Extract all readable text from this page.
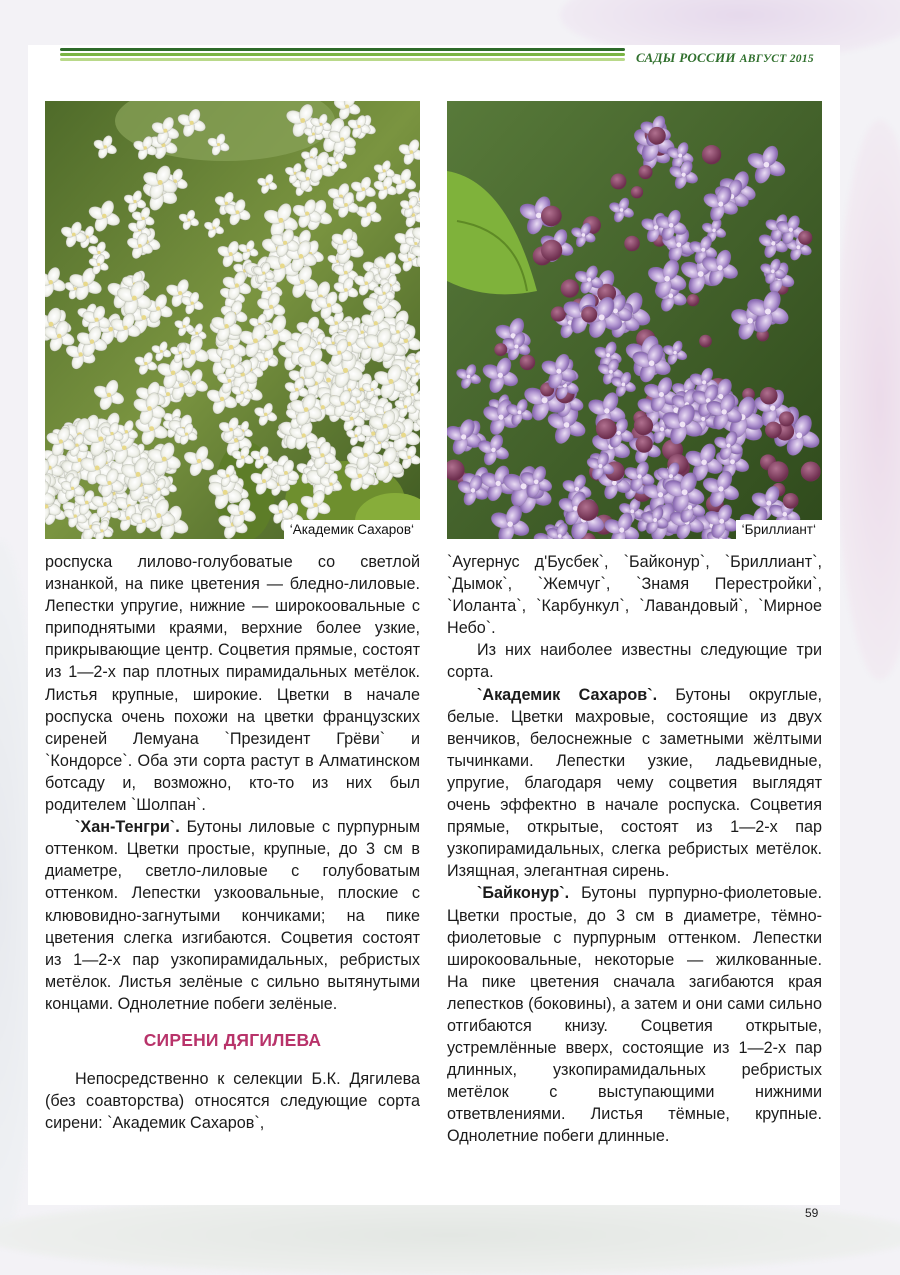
САДЫ РОССИИ АВГУСТ 2015
‘Академик Сахаров‘	‘Бриллиант‘

роспуска лилово-голубоватые со светлой изнанкой, на пике цветения — бледно-лиловые. Лепестки упругие, нижние — широкоовальные с приподнятыми краями, верхние более узкие, прикрывающие центр. Соцветия прямые, состоят из 1—2-х пар плотных пирамидальных метёлок. Листья крупные, широкие. Цветки в начале роспуска очень похожи на цветки французских сиреней Лемуана `Президент Грёви` и `Кондорсе`. Оба эти сорта растут в Алматинском ботсаду и, возможно, кто-то из них был родителем `Шолпан`.

`Хан-Тенгри`. Бутоны лиловые с пурпурным оттенком. Цветки простые, крупные, до 3 см в диаметре, светло-лиловые с голубоватым оттенком. Лепестки узкоовальные, плоские с клювовидно-загнутыми кончиками; на пике цветения слегка изгибаются. Соцветия состоят из 1—2-х пар узкопирамидальных, ребристых метёлок. Листья зелёные с сильно вытянутыми концами. Однолетние побеги зелёные.

СИРЕНИ ДЯГИЛЕВА

Непосредственно к селекции Б.К. Дягилева (без соавторства) относятся следующие сорта сирени: `Академик Сахаров`,

`Аугернус д'Бусбек`, `Байконур`, `Бриллиант`, `Дымок`, `Жемчуг`, `Знамя Перестройки`, `Иоланта`, `Карбункул`, `Лавандовый`, `Мирное Небо`.

Из них наиболее известны следующие три сорта.

`Академик Сахаров`. Бутоны округлые, белые. Цветки махровые, состоящие из двух венчиков, белоснежные с заметными жёлтыми тычинками. Лепестки узкие, ладьевидные, упругие, благодаря чему соцветия выглядят очень эффектно в начале роспуска. Соцветия прямые, открытые, состоят из 1—2-х пар узкопирамидальных, слегка ребристых метёлок. Изящная, элегантная сирень.

`Байконур`. Бутоны пурпурно-фиолетовые. Цветки простые, до 3 см в диаметре, тёмно-фиолетовые с пурпурным оттенком. Лепестки широкоовальные, некоторые — жилкованные. На пике цветения сначала загибаются края лепестков (боковины), а затем и они сами сильно отгибаются книзу. Соцветия открытые, устремлённые вверх, состоящие из 1—2-х пар длинных, узкопирамидальных ребристых метёлок с выступающими нижними ответвлениями. Листья тёмные, крупные. Однолетние побеги длинные.

59
